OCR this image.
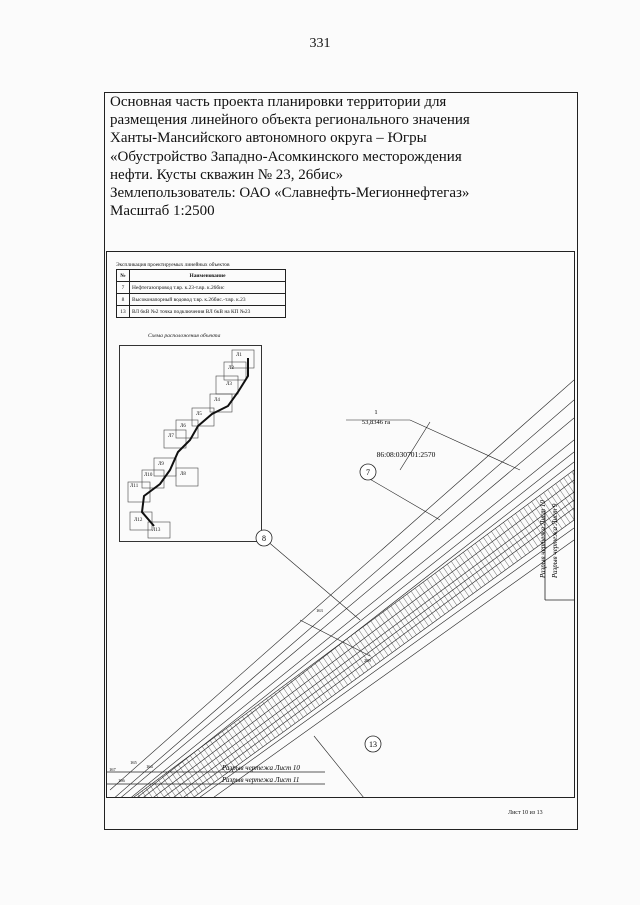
331
Основная часть проекта планировки территории для
размещения линейного объекта регионального значения
Ханты-Мансийского автономного округа – Югры
«Обустройство Западно-Асомкинского месторождения
нефти. Кусты скважин № 23, 26бис»
Землепользователь: ОАО «Славнефть-Мегионнефтегаз»
Масштаб 1:2500
Экспликация проектируемых линейных объектов
№	Наименование
7	Нефтегазопровод т.вр. к.23-т.вр. к.26бис
8	Высоконапорный водовод т.вр. к.26бис.-т.вр. к.23
13	ВЛ 6кВ №2 точка подключения ВЛ 6кВ на КП №23
Схема расположения объекта
Л1
Л2
Л3
Л4
Л5
Л6
Л7
Л8
Л9
Л10
Л11
Л12
Л13
7
8
13
1
53,8346 га
86:08:030701:2570
163
209
167
165
164
166
Разрыв чертежа Лист 10 Разрыв чертежа Лист 9
Разрыв чертежа Лист 10
Разрыв чертежа Лист 11
Лист 10 из 13
